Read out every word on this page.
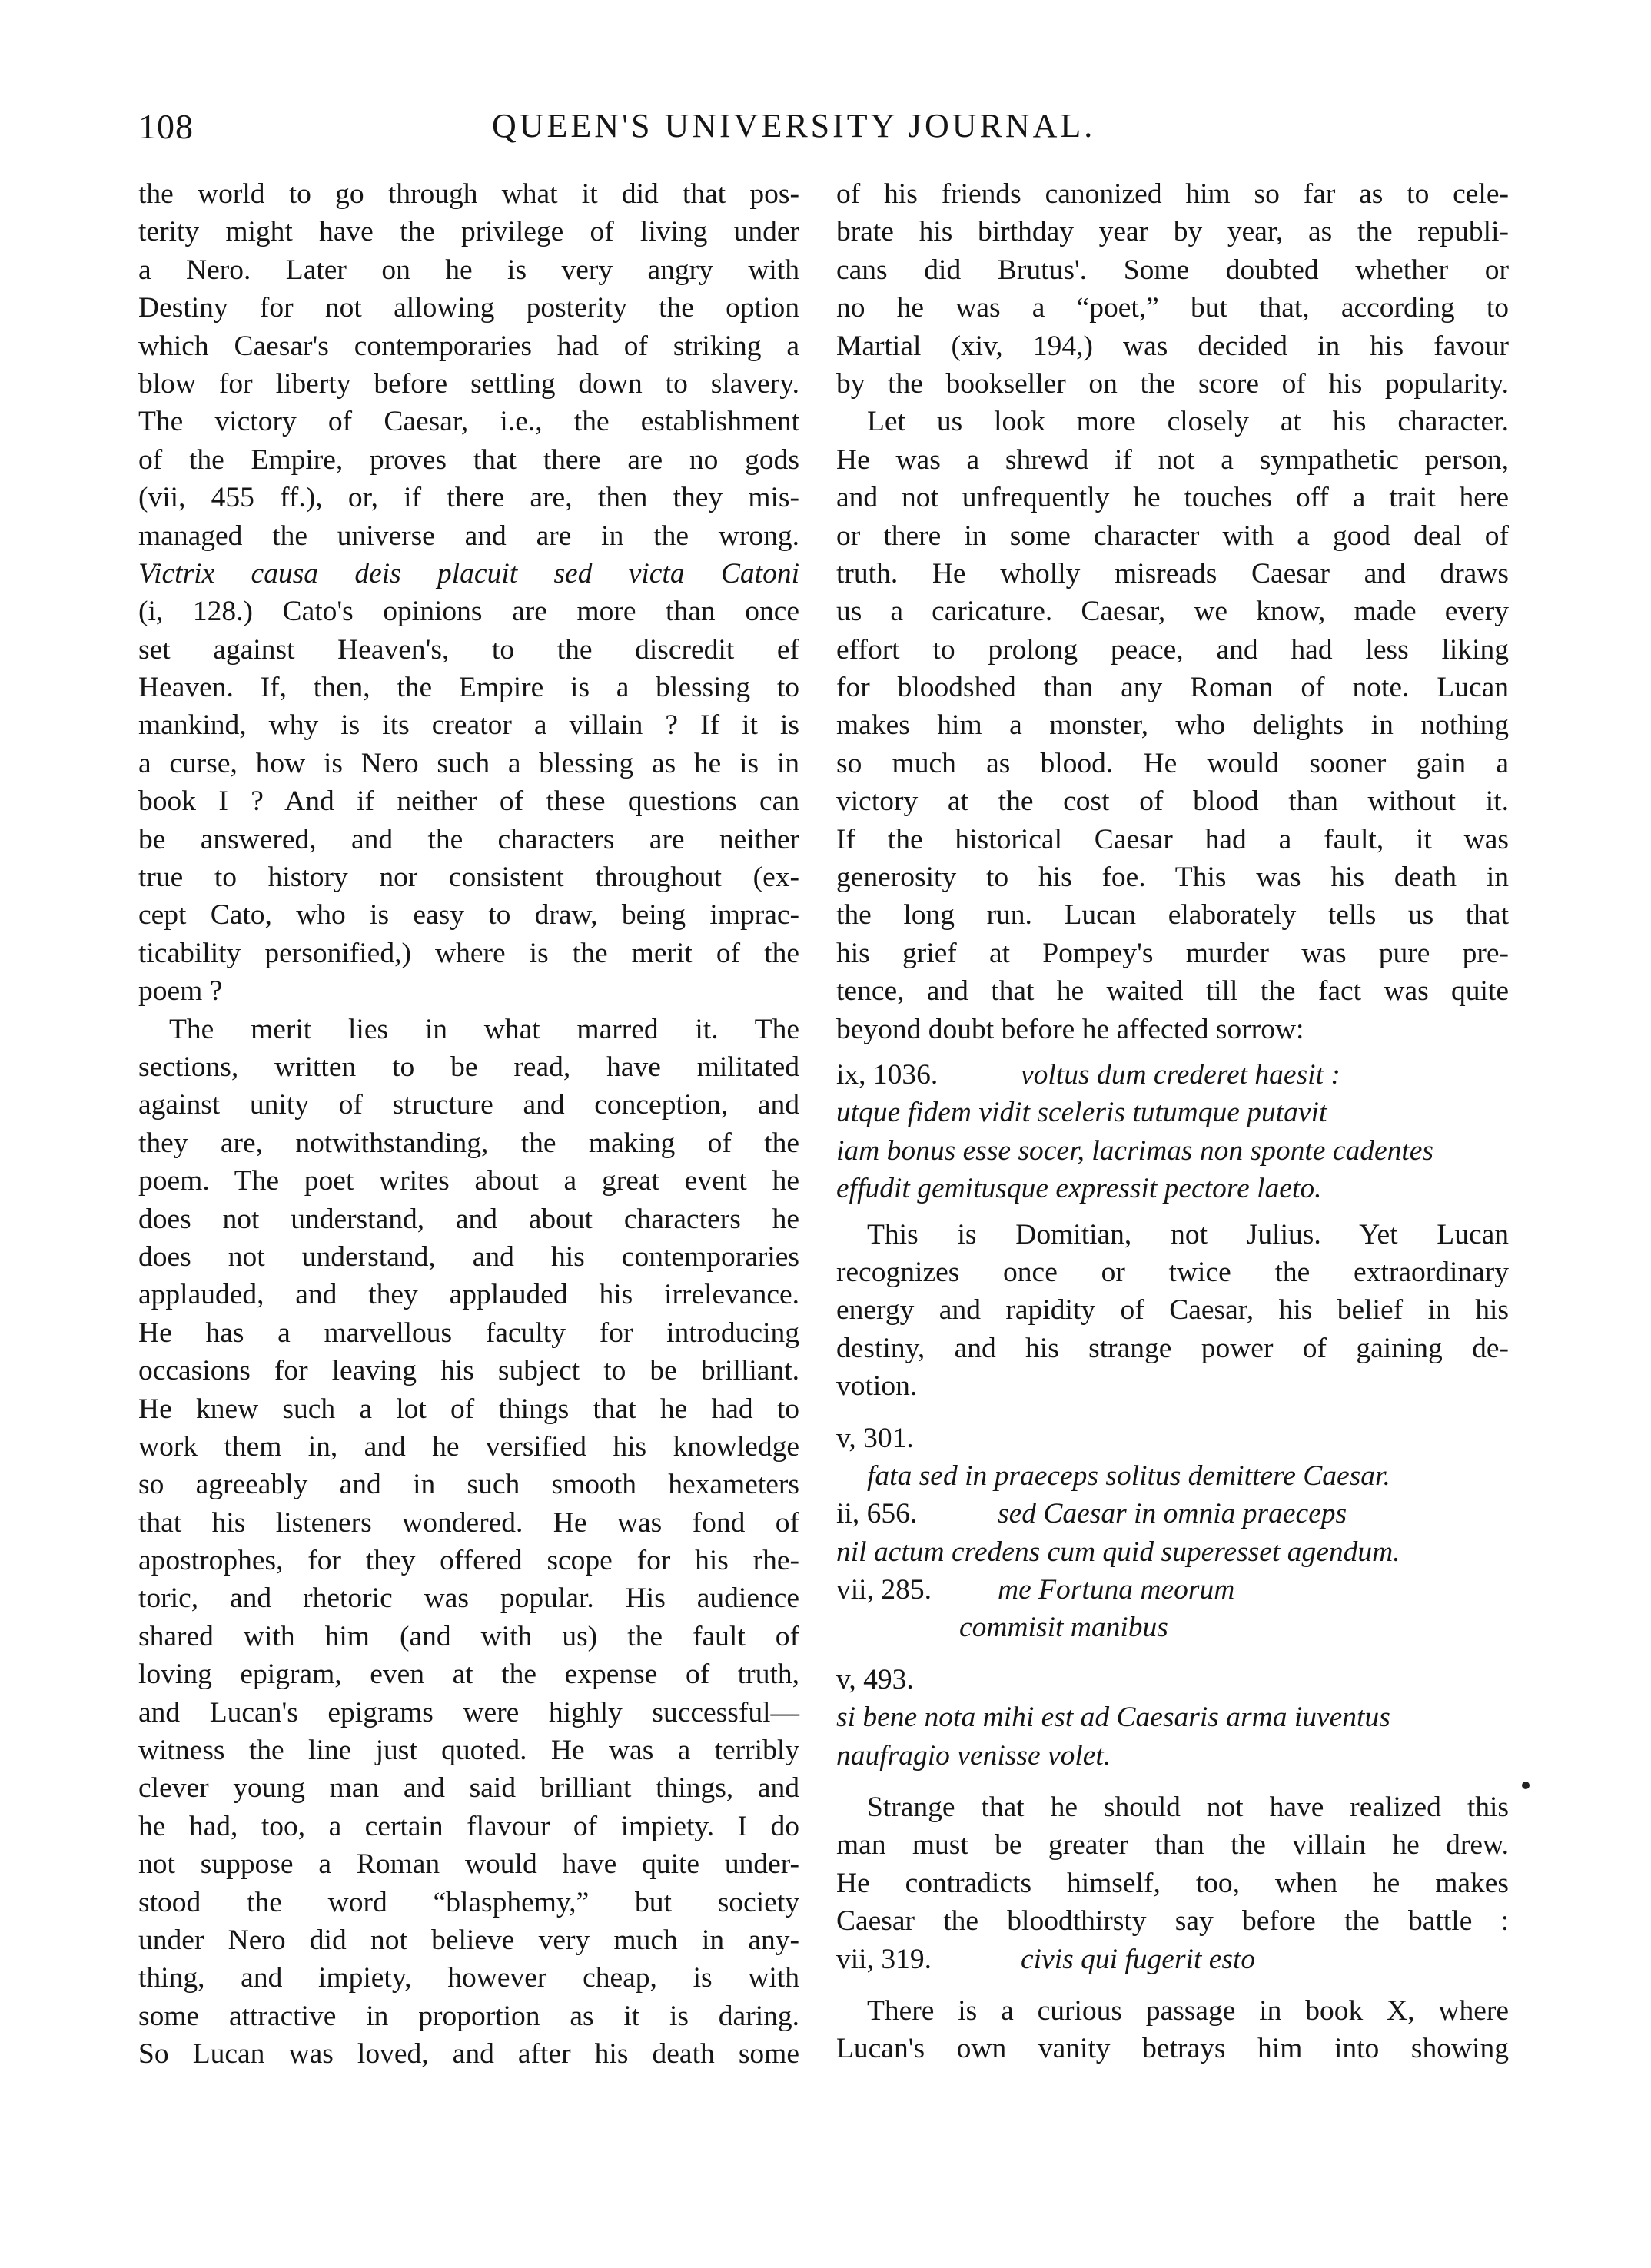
108	QUEEN'S UNIVERSITY JOURNAL.
the world to go through what it did that pos-
terity might have the privilege of living under
a Nero. Later on he is very angry with
Destiny for not allowing posterity the option
which Caesar's contemporaries had of striking a
blow for liberty before settling down to slavery.
The victory of Caesar, i.e., the establishment
of the Empire, proves that there are no gods
(vii, 455 ff.), or, if there are, then they mis-
managed the universe and are in the wrong.
Victrix causa deis placuit sed victa Catoni
(i, 128.) Cato's opinions are more than once
set against Heaven's, to the discredit ef
Heaven. If, then, the Empire is a blessing to
mankind, why is its creator a villain ? If it is
a curse, how is Nero such a blessing as he is in
book I ? And if neither of these questions can
be answered, and the characters are neither
true to history nor consistent throughout (ex-
cept Cato, who is easy to draw, being imprac-
ticability personified,) where is the merit of the
poem ?
The merit lies in what marred it. The
sections, written to be read, have militated
against unity of structure and conception, and
they are, notwithstanding, the making of the
poem. The poet writes about a great event he
does not understand, and about characters he
does not understand, and his contemporaries
applauded, and they applauded his irrelevance.
He has a marvellous faculty for introducing
occasions for leaving his subject to be brilliant.
He knew such a lot of things that he had to
work them in, and he versified his knowledge
so agreeably and in such smooth hexameters
that his listeners wondered. He was fond of
apostrophes, for they offered scope for his rhe-
toric, and rhetoric was popular. His audience
shared with him (and with us) the fault of
loving epigram, even at the expense of truth,
and Lucan's epigrams were highly successful—
witness the line just quoted. He was a terribly
clever young man and said brilliant things, and
he had, too, a certain flavour of impiety. I do
not suppose a Roman would have quite under-
stood the word “blasphemy,” but society
under Nero did not believe very much in any-
thing, and impiety, however cheap, is with
some attractive in proportion as it is daring.
So Lucan was loved, and after his death some
of his friends canonized him so far as to cele-
brate his birthday year by year, as the republi-
cans did Brutus'. Some doubted whether or
no he was a “poet,” but that, according to
Martial (xiv, 194,) was decided in his favour
by the bookseller on the score of his popularity.
Let us look more closely at his character.
He was a shrewd if not a sympathetic person,
and not unfrequently he touches off a trait here
or there in some character with a good deal of
truth. He wholly misreads Caesar and draws
us a caricature. Caesar, we know, made every
effort to prolong peace, and had less liking
for bloodshed than any Roman of note. Lucan
makes him a monster, who delights in nothing
so much as blood. He would sooner gain a
victory at the cost of blood than without it.
If the historical Caesar had a fault, it was
generosity to his foe. This was his death in
the long run. Lucan elaborately tells us that
his grief at Pompey's murder was pure pre-
tence, and that he waited till the fact was quite
beyond doubt before he affected sorrow:
ix, 1036.	voltus dum crederet haesit :
utque fidem vidit sceleris tutumque putavit
iam bonus esse socer, lacrimas non sponte cadentes
effudit gemitusque expressit pectore laeto.
This is Domitian, not Julius. Yet Lucan
recognizes once or twice the extraordinary
energy and rapidity of Caesar, his belief in his
destiny, and his strange power of gaining de-
votion.
v, 301.
fata sed in praeceps solitus demittere Caesar.
ii, 656.	sed Caesar in omnia praeceps
nil actum credens cum quid superesset agendum.
vii, 285. me Fortuna meorum
commisit manibus
v, 493.
si bene nota mihi est ad Caesaris arma iuventus
naufragio venisse volet.
Strange that he should not have realized this
man must be greater than the villain he drew.
He contradicts himself, too, when he makes
Caesar the bloodthirsty say before the battle :
vii, 319.	civis qui fugerit esto
There is a curious passage in book X, where
Lucan's own vanity betrays him into showing
